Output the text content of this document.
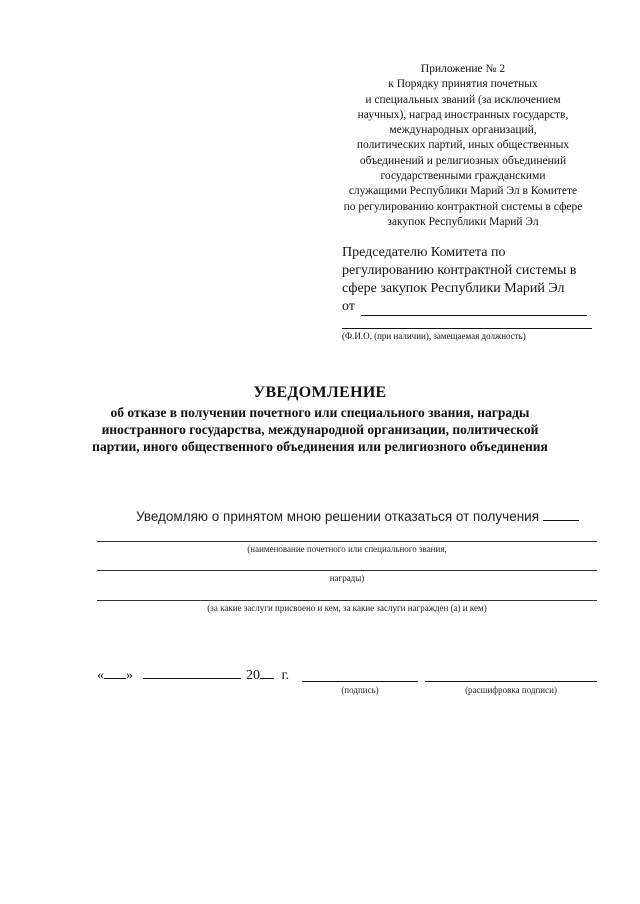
Приложение № 2
к Порядку принятия почетных
и специальных званий (за исключением
научных), наград иностранных государств,
международных организаций,
политических партий, иных общественных
объединений и религиозных объединений
государственными гражданскими
служащими Республики Марий Эл в Комитете
по регулированию контрактной системы в сфере
закупок Республики Марий Эл
Председателю Комитета по
регулированию контрактной системы в
сфере закупок Республики Марий Эл
от
(Ф.И.О. (при наличии), замещаемая должность)
УВЕДОМЛЕНИЕ
об отказе в получении почетного или специального звания, награды иностранного государства, международной организации, политической партии, иного общественного объединения или религиозного объединения
Уведомляю о принятом мною решении отказаться от получения
(наименование почетного или специального звания,
награды)
(за какие заслуги присвоено и кем, за какие заслуги награжден (а) и кем)
« »	20 г.
(подпись)	(расшифровка подписи)
